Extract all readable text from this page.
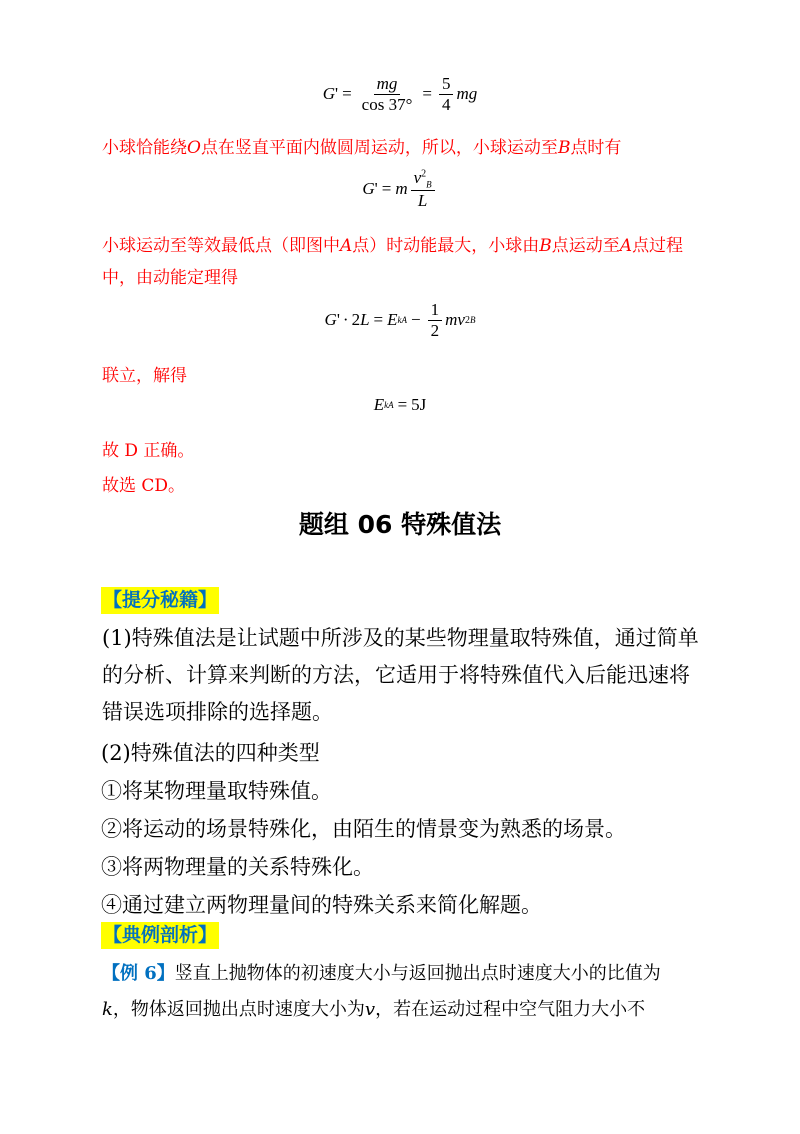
G ' = $\frac{mg}{\cos 37^\circ} = \frac{5}{4}$ mg

小球恰能绕O点在竖直平面内做圆周运动，所以，小球运动至B点时有

G ' = m $\frac{v^2_B}{L}$

小球运动至等效最低点（即图中A点）时动能最大，小球由B点运动至A点过程中，由动能定理得

G ' · 2 L = E kA − $\frac{1}{2}$ mv 2 B

联立，解得

E kA = 5J

故 D 正确。

故选 CD。

题组 06 特殊值法
【提分秘籍】

(1)特殊值法是让试题中所涉及的某些物理量取特殊值，通过简单的分析、计算来判断的方法，它适用于将特殊值代入后能迅速将错误选项排除的选择题。

(2)特殊值法的四种类型

①将某物理量取特殊值。

②将运动的场景特殊化，由陌生的情景变为熟悉的场景。

③将两物理量的关系特殊化。

④通过建立两物理量间的特殊关系来简化解题。

【典例剖析】

【例 6】竖直上抛物体的初速度大小与返回抛出点时速度大小的比值为
k，物体返回抛出点时速度大小为v，若在运动过程中空气阻力大小不
